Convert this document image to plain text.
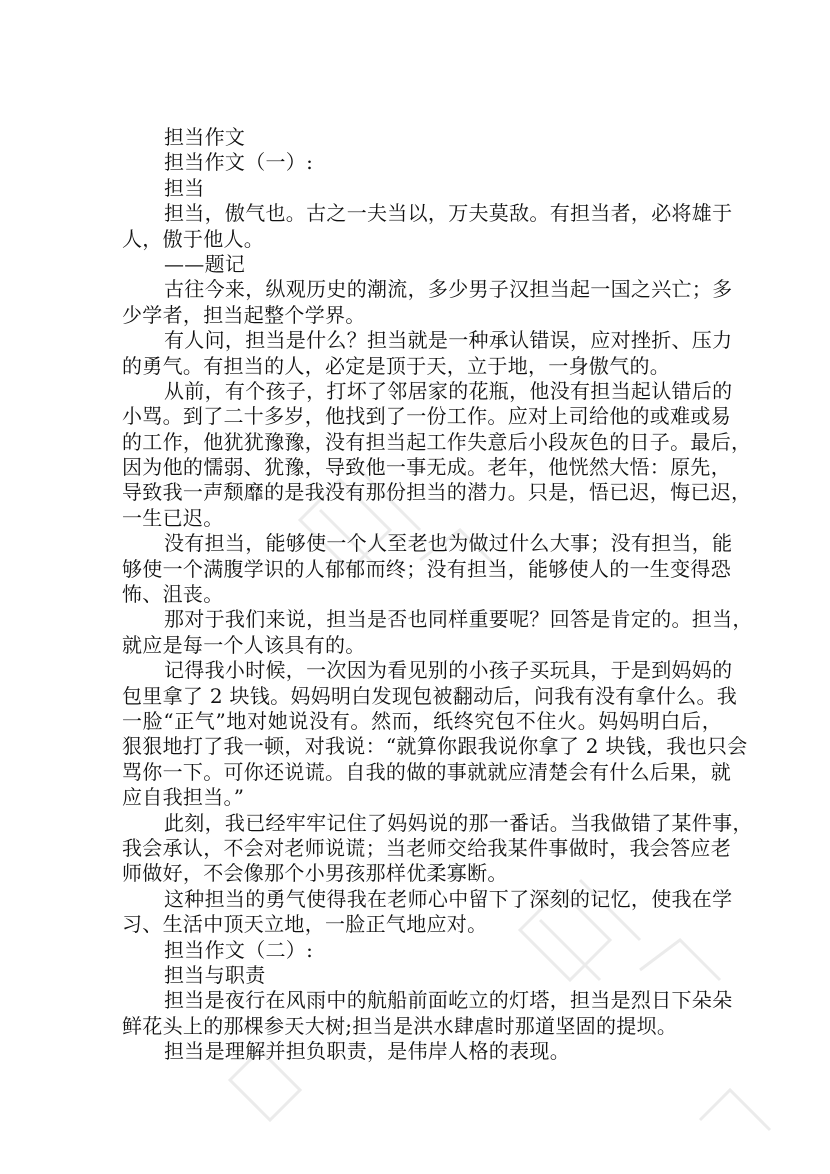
担当作文
担当作文（一）:
担当
担当，傲气也。古之一夫当以，万夫莫敌。有担当者，必将雄于
人，傲于他人。
——题记
古往今来，纵观历史的潮流，多少男子汉担当起一国之兴亡；多
少学者，担当起整个学界。
有人问，担当是什么？担当就是一种承认错误，应对挫折、压力
的勇气。有担当的人，必定是顶于天，立于地，一身傲气的。
从前，有个孩子，打坏了邻居家的花瓶，他没有担当起认错后的
小骂。到了二十多岁，他找到了一份工作。应对上司给他的或难或易
的工作，他犹犹豫豫，没有担当起工作失意后小段灰色的日子。最后，
因为他的懦弱、犹豫，导致他一事无成。老年，他恍然大悟：原先，
导致我一声颓靡的是我没有那份担当的潜力。只是，悟已迟，悔已迟，
一生已迟。
没有担当，能够使一个人至老也为做过什么大事；没有担当，能
够使一个满腹学识的人郁郁而终；没有担当，能够使人的一生变得恐
怖、沮丧。
那对于我们来说，担当是否也同样重要呢？回答是肯定的。担当，
就应是每一个人该具有的。
记得我小时候，一次因为看见别的小孩子买玩具，于是到妈妈的
包里拿了 2 块钱。妈妈明白发现包被翻动后，问我有没有拿什么。我
一脸“正气”地对她说没有。然而，纸终究包不住火。妈妈明白后，
狠狠地打了我一顿，对我说：“就算你跟我说你拿了 2 块钱，我也只会
骂你一下。可你还说谎。自我的做的事就就应清楚会有什么后果，就
应自我担当。”
此刻，我已经牢牢记住了妈妈说的那一番话。当我做错了某件事，
我会承认，不会对老师说谎；当老师交给我某件事做时，我会答应老
师做好，不会像那个小男孩那样优柔寡断。
这种担当的勇气使得我在老师心中留下了深刻的记忆，使我在学
习、生活中顶天立地，一脸正气地应对。
担当作文（二）:
担当与职责
担当是夜行在风雨中的航船前面屹立的灯塔，担当是烈日下朵朵
鲜花头上的那棵参天大树;担当是洪水肆虐时那道坚固的提坝。
担当是理解并担负职责，是伟岸人格的表现。
